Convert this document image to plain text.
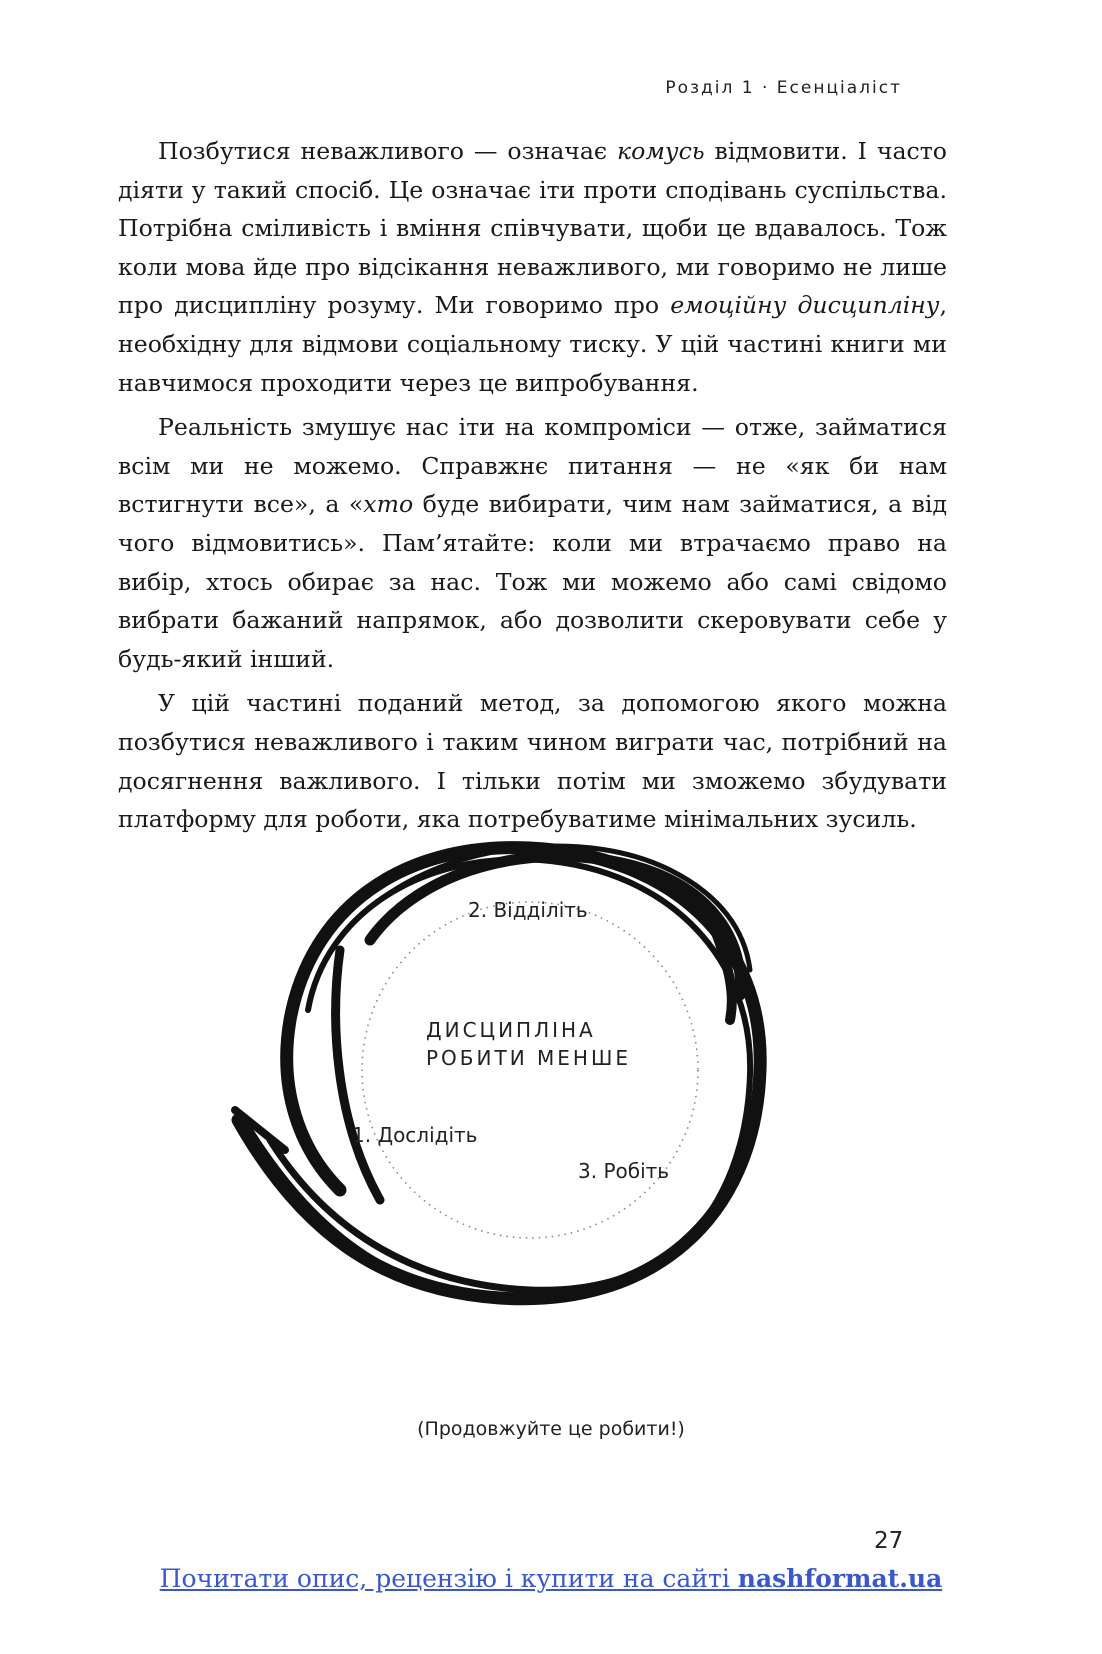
Розділ 1 · Есенціаліст

Позбутися неважливого — означає комусь відмовити. І часто діяти у такий спосіб. Це означає іти проти сподівань суспільства. Потрібна сміливість і вміння співчувати, щоби це вдавалось. Тож коли мова йде про відсікання неважливого, ми говоримо не лише про дисципліну розуму. Ми говоримо про емоційну дисципліну, необхідну для відмови соціальному тиску. У цій частині книги ми навчимося проходити через це випробування.

Реальність змушує нас іти на компроміси — отже, займатися всім ми не можемо. Справжнє питання — не «як би нам встигнути все», а «хто буде вибирати, чим нам займатися, а від чого відмовитись». Пам’ятайте: коли ми втрачаємо право на вибір, хтось обирає за нас. Тож ми можемо або самі свідомо вибрати бажаний напрямок, або дозволити скеровувати себе у будь-який інший.

У цій частині поданий метод, за допомогою якого можна позбутися неважливого і таким чином виграти час, потрібний на досягнення важливого. І тільки потім ми зможемо збудувати платформу для роботи, яка потребуватиме мінімальних зусиль.

2. Відділіть
ДИСЦИПЛІНА
РОБИТИ МЕНШЕ
1. Дослідіть
3. Робіть
(Продовжуйте це робити!)
27
Почитати опис, рецензію і купити на сайті nashformat.ua
